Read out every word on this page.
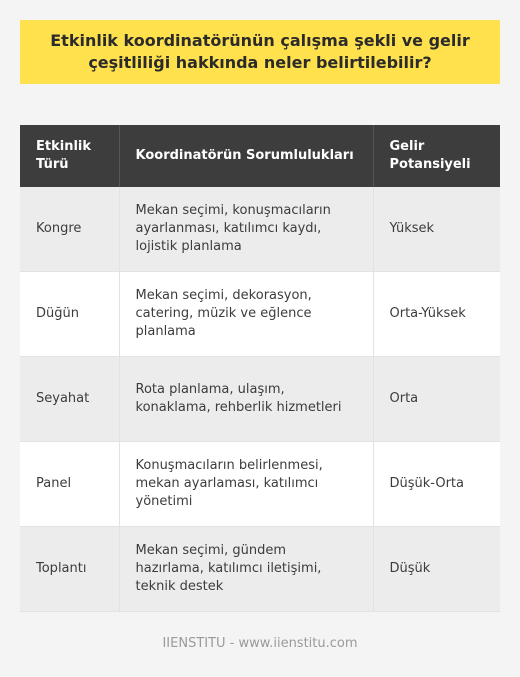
Etkinlik koordinatörünün çalışma şekli ve gelir çeşitliliği hakkında neler belirtilebilir?
Etkinlik Türü	Koordinatörün Sorumlulukları	Gelir Potansiyeli
Kongre	Mekan seçimi, konuşmacıların ayarlanması, katılımcı kaydı, lojistik planlama	Yüksek
Düğün	Mekan seçimi, dekorasyon, catering, müzik ve eğlence planlama	Orta-Yüksek
Seyahat	Rota planlama, ulaşım, konaklama, rehberlik hizmetleri	Orta
Panel	Konuşmacıların belirlenmesi, mekan ayarlaması, katılımcı yönetimi	Düşük-Orta
Toplantı	Mekan seçimi, gündem hazırlama, katılımcı iletişimi, teknik destek	Düşük
IIENSTITU - www.iienstitu.com
